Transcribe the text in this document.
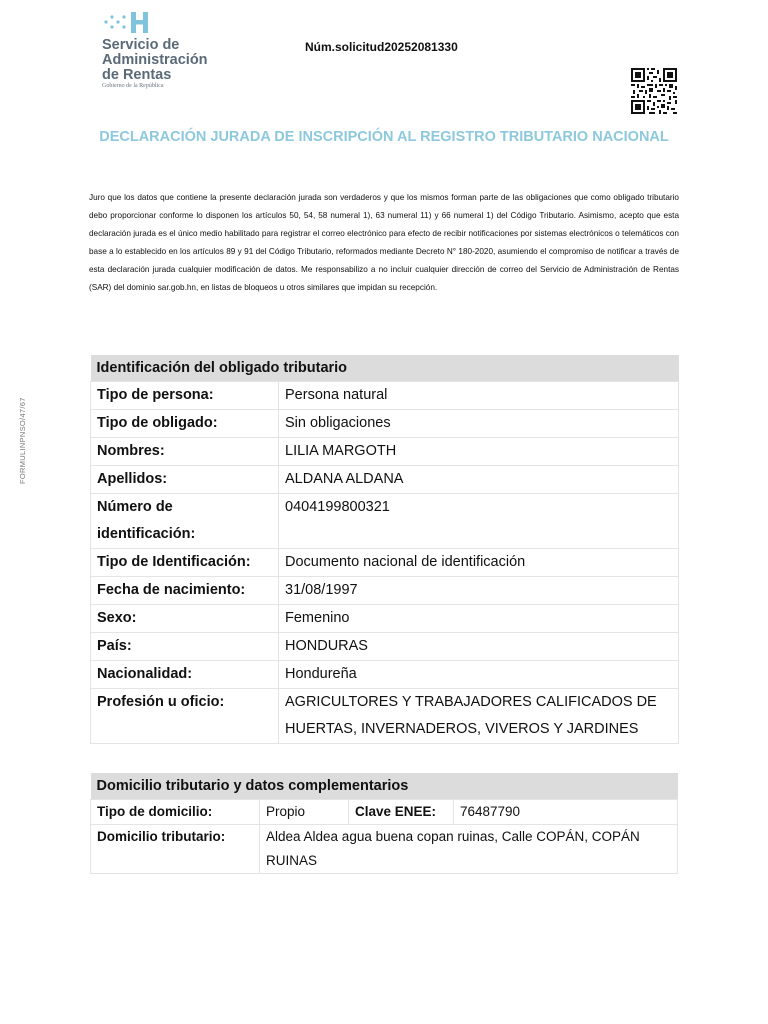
Servicio de
Administración
de Rentas
Gobierno de la República
Núm.solicitud20252081330
DECLARACIÓN JURADA DE INSCRIPCIÓN AL REGISTRO TRIBUTARIO NACIONAL
Juro que los datos que contiene la presente declaración jurada son verdaderos y que los mismos forman parte de las obligaciones que como obligado tributario debo proporcionar conforme lo disponen los artículos 50, 54, 58 numeral 1), 63 numeral 11) y 66 numeral 1) del Código Tributario. Asimismo, acepto que esta declaración jurada es el único medio habilitado para registrar el correo electrónico para efecto de recibir notificaciones por sistemas electrónicos o telemáticos con base a lo establecido en los artículos 89 y 91 del Código Tributario, reformados mediante Decreto N° 180-2020, asumiendo el compromiso de notificar a través de esta declaración jurada cualquier modificación de datos. Me responsabilizo a no incluir cualquier dirección de correo del Servicio de Administración de Rentas (SAR) del dominio sar.gob.hn, en listas de bloqueos u otros similares que impidan su recepción.
FORMULINPNSO/47/67
Identificación del obligado tributario	
Tipo de persona:	Persona natural
Tipo de obligado:	Sin obligaciones
Nombres:	LILIA MARGOTH
Apellidos:	ALDANA ALDANA
Número de identificación:	0404199800321
Tipo de Identificación:	Documento nacional de identificación
Fecha de nacimiento:	31/08/1997
Sexo:	Femenino
País:	HONDURAS
Nacionalidad:	Hondureña
Profesión u oficio:	AGRICULTORES Y TRABAJADORES CALIFICADOS DE HUERTAS, INVERNADEROS, VIVEROS Y JARDINES
Domicilio tributario y datos complementarios			
Tipo de domicilio:	Propio	Clave ENEE:	76487790
Domicilio tributario:	Aldea Aldea agua buena copan ruinas, Calle COPÁN, COPÁN RUINAS		
